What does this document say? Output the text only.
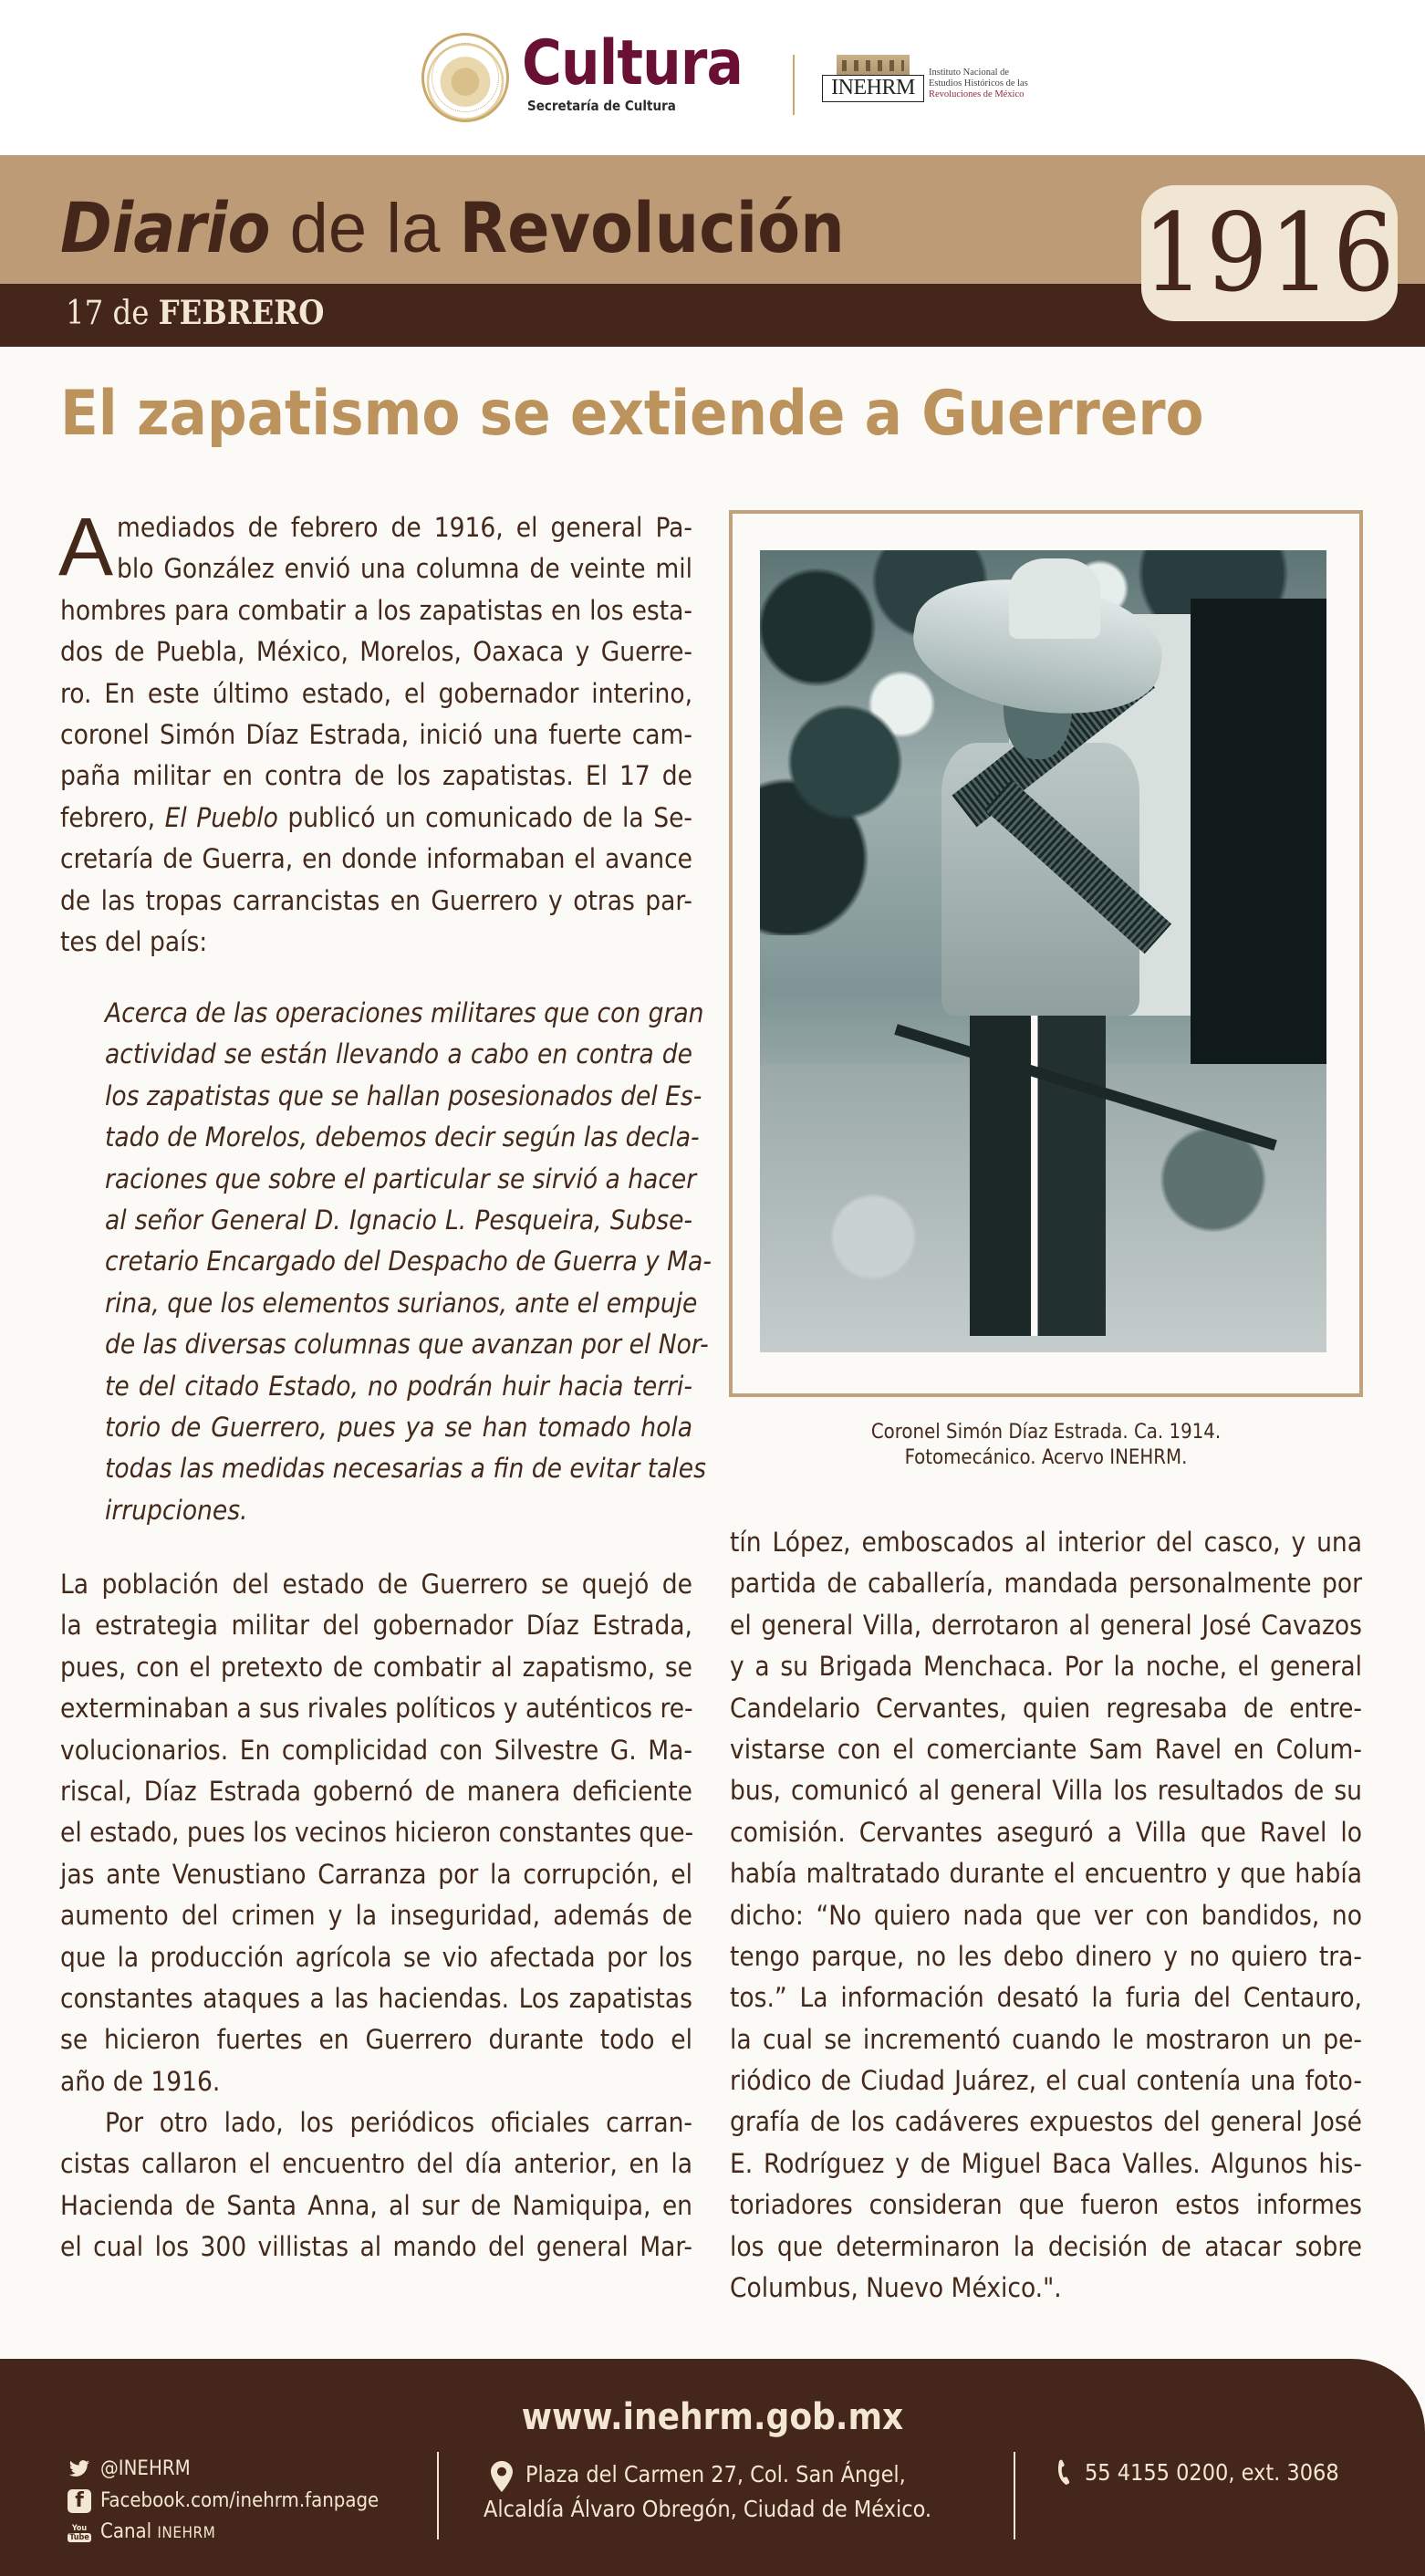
Cultura
Secretaría de Cultura
INEHRM
Instituto Nacional de
Estudios Históricos de las
Revoluciones de México
Diario de la Revolución
17 de FEBRERO	1916
El zapatismo se extiende a Guerrero
A mediados de febrero de 1916, el general Pa-
blo González envió una columna de veinte mil
hombres para combatir a los zapatistas en los esta-
dos de Puebla, México, Morelos, Oaxaca y Guerre-
ro. En este último estado, el gobernador interino,
coronel Simón Díaz Estrada, inició una fuerte cam-
paña militar en contra de los zapatistas. El 17 de
febrero, El Pueblo publicó un comunicado de la Se-
cretaría de Guerra, en donde informaban el avance
de las tropas carrancistas en Guerrero y otras par-
tes del país:
Acerca de las operaciones militares que con gran
actividad se están llevando a cabo en contra de
los zapatistas que se hallan posesionados del Es-
tado de Morelos, debemos decir según las decla-
raciones que sobre el particular se sirvió a hacer
al señor General D. Ignacio L. Pesqueira, Subse-
cretario Encargado del Despacho de Guerra y Ma-
rina, que los elementos surianos, ante el empuje
de las diversas columnas que avanzan por el Nor-
te del citado Estado, no podrán huir hacia terri-
torio de Guerrero, pues ya se han tomado hola
todas las medidas necesarias a fin de evitar tales
irrupciones.
La población del estado de Guerrero se quejó de
la estrategia militar del gobernador Díaz Estrada,
pues, con el pretexto de combatir al zapatismo, se
exterminaban a sus rivales políticos y auténticos re-
volucionarios. En complicidad con Silvestre G. Ma-
riscal, Díaz Estrada gobernó de manera deficiente
el estado, pues los vecinos hicieron constantes que-
jas ante Venustiano Carranza por la corrupción, el
aumento del crimen y la inseguridad, además de
que la producción agrícola se vio afectada por los
constantes ataques a las haciendas. Los zapatistas
se hicieron fuertes en Guerrero durante todo el
año de 1916.
Por otro lado, los periódicos oficiales carran-
cistas callaron el encuentro del día anterior, en la
Hacienda de Santa Anna, al sur de Namiquipa, en
el cual los 300 villistas al mando del general Mar-
Coronel Simón Díaz Estrada. Ca. 1914.
Fotomecánico. Acervo INEHRM.
tín López, emboscados al interior del casco, y una
partida de caballería, mandada personalmente por
el general Villa, derrotaron al general José Cavazos
y a su Brigada Menchaca. Por la noche, el general
Candelario Cervantes, quien regresaba de entre-
vistarse con el comerciante Sam Ravel en Colum-
bus, comunicó al general Villa los resultados de su
comisión. Cervantes aseguró a Villa que Ravel lo
había maltratado durante el encuentro y que había
dicho: “No quiero nada que ver con bandidos, no
tengo parque, no les debo dinero y no quiero tra-
tos.” La información desató la furia del Centauro,
la cual se incrementó cuando le mostraron un pe-
riódico de Ciudad Juárez, el cual contenía una foto-
grafía de los cadáveres expuestos del general José
E. Rodríguez y de Miguel Baca Valles. Algunos his-
toriadores consideran que fueron estos informes
los que determinaron la decisión de atacar sobre
Columbus, Nuevo México.".
www.inehrm.gob.mx
@INEHRM
f Facebook.com/inehrm.fanpage
You
Tube Canal INEHRM
Plaza del Carmen 27, Col. San Ángel,
Alcaldía Álvaro Obregón, Ciudad de México.
55 4155 0200, ext. 3068
